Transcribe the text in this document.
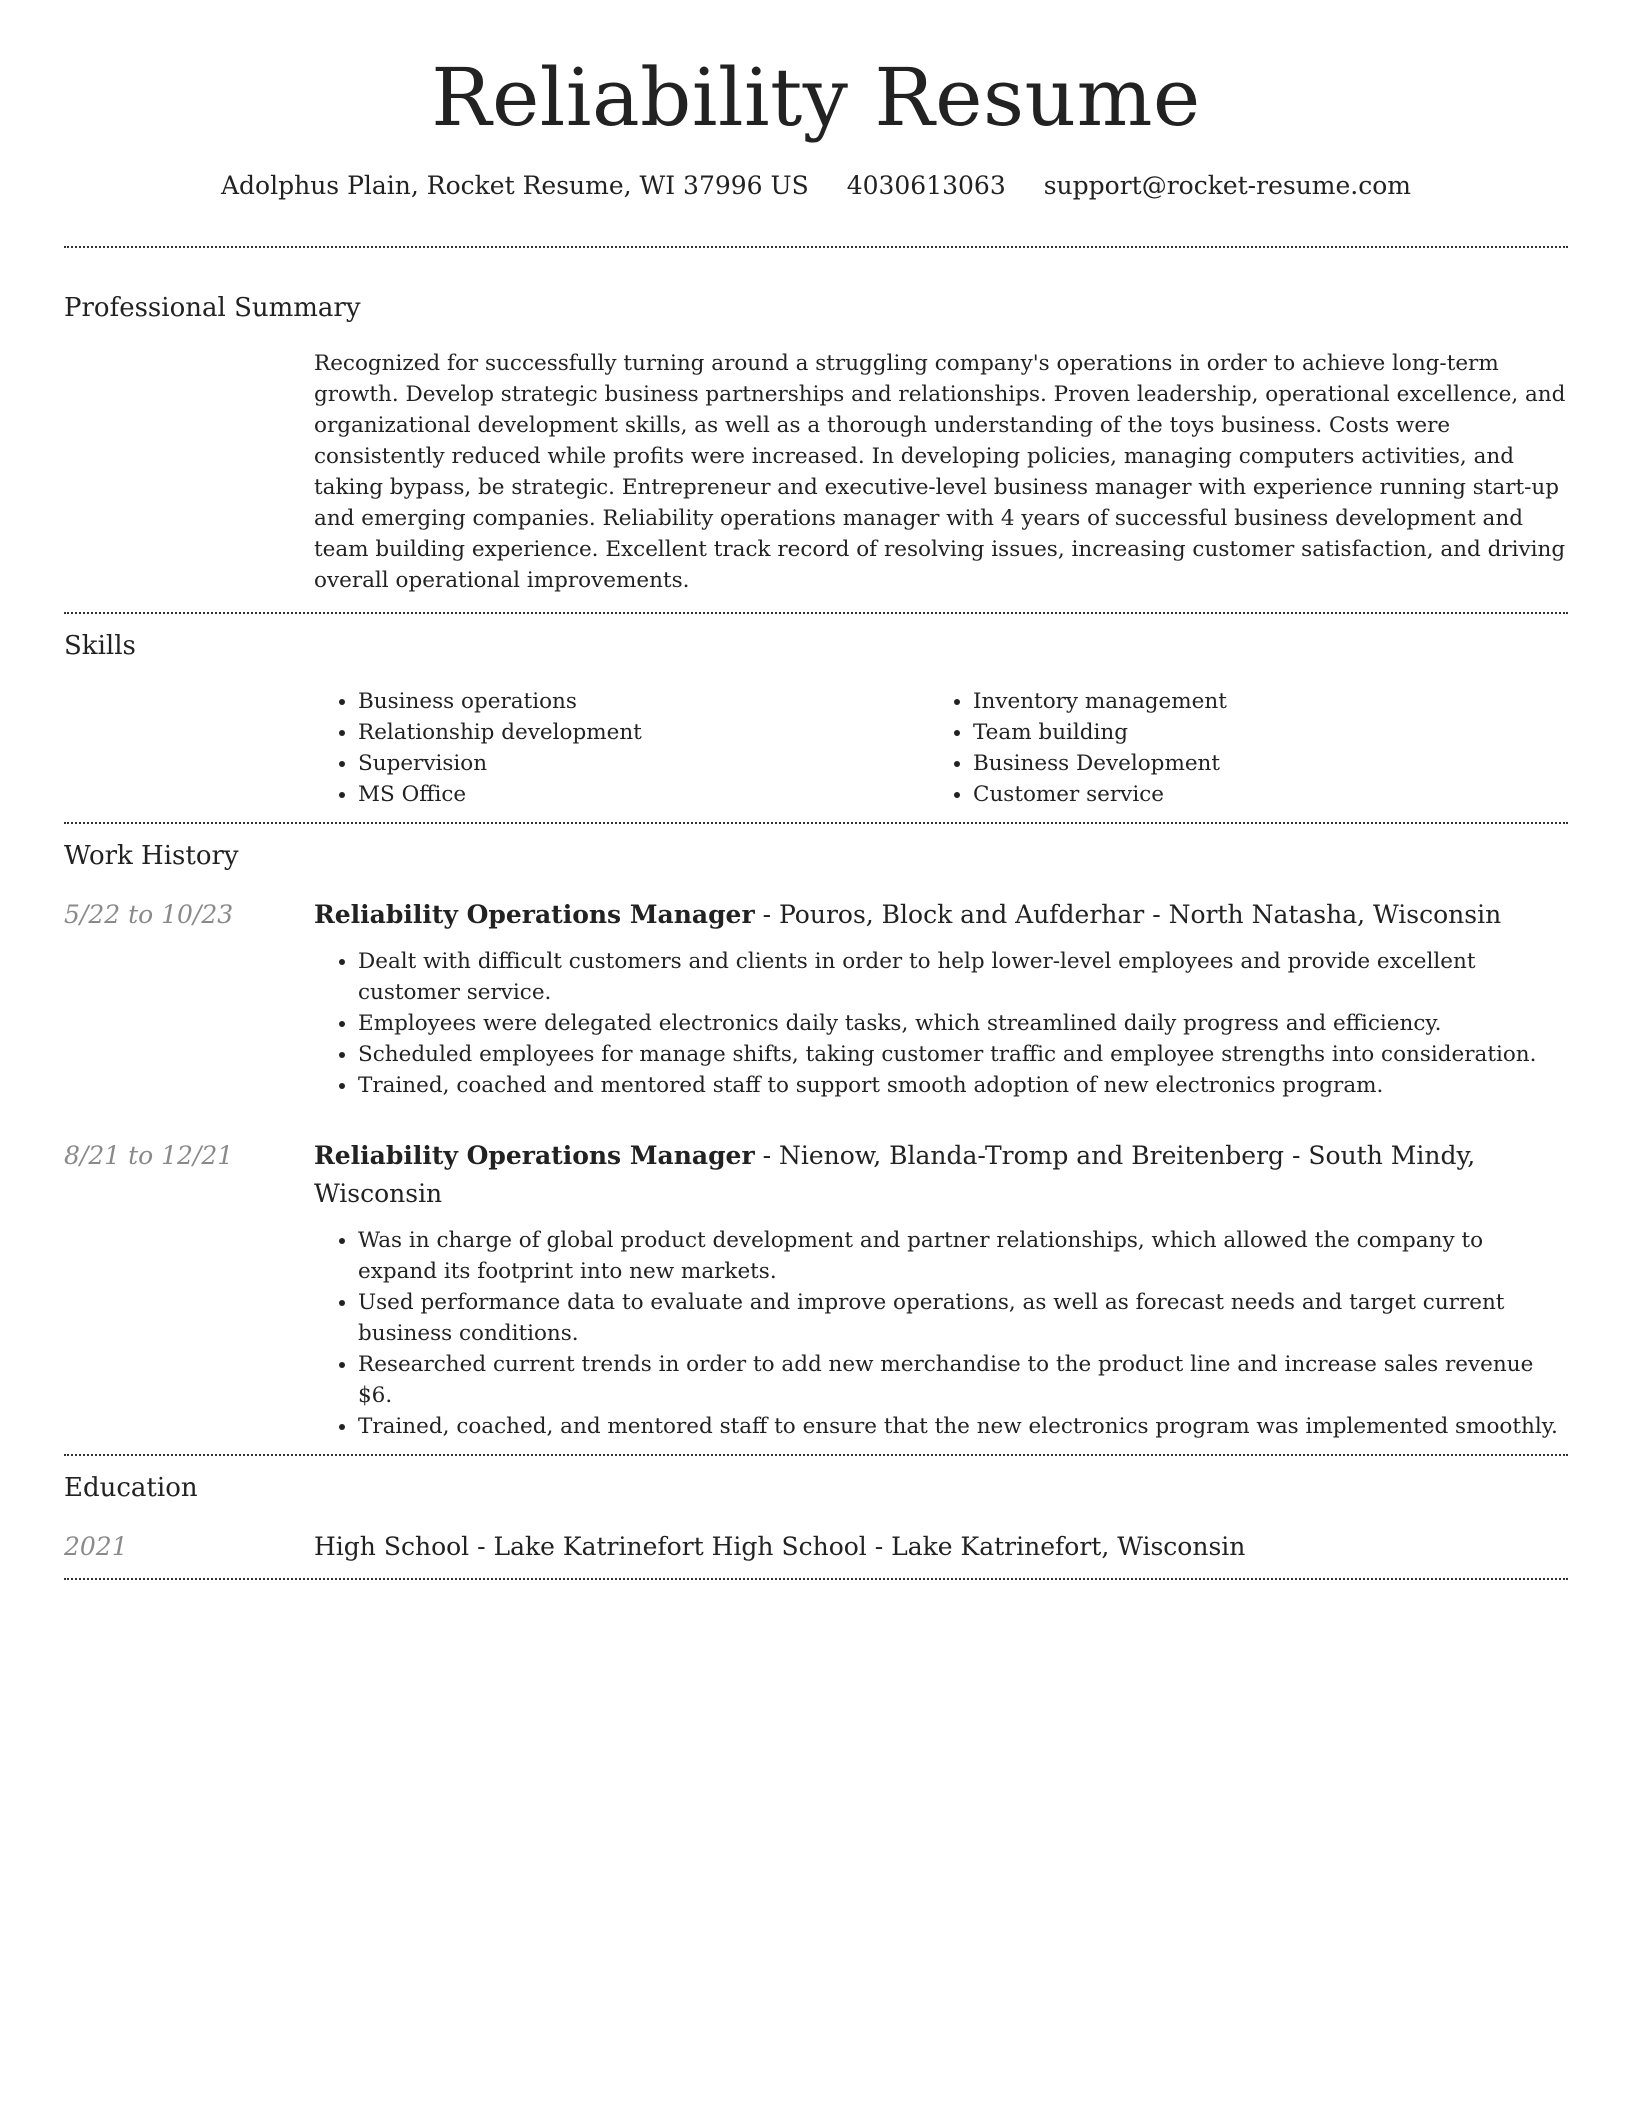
Reliability Resume
Adolphus Plain, Rocket Resume, WI 37996 US 4030613063 support@rocket-resume.com
Professional Summary

Recognized for successfully turning around a struggling company's operations in order to achieve long-term growth. Develop strategic business partnerships and relationships. Proven leadership, operational excellence, and organizational development skills, as well as a thorough understanding of the toys business. Costs were consistently reduced while profits were increased. In developing policies, managing computers activities, and taking bypass, be strategic. Entrepreneur and executive-level business manager with experience running start-up and emerging companies. Reliability operations manager with 4 years of successful business development and team building experience. Excellent track record of resolving issues, increasing customer satisfaction, and driving overall operational improvements.

Skills
• Business operations
• Relationship development
• Supervision
• MS Office
• Inventory management
• Team building
• Business Development
• Customer service
Work History
5/22 to 10/23	Reliability Operations Manager - Pouros, Block and Aufderhar - North Natasha, Wisconsin
• Dealt with difficult customers and clients in order to help lower-level employees and provide excellent customer service.
• Employees were delegated electronics daily tasks, which streamlined daily progress and efficiency.
• Scheduled employees for manage shifts, taking customer traffic and employee strengths into consideration.
• Trained, coached and mentored staff to support smooth adoption of new electronics program.
8/21 to 12/21	Reliability Operations Manager - Nienow, Blanda-Tromp and Breitenberg - South Mindy, Wisconsin
• Was in charge of global product development and partner relationships, which allowed the company to expand its footprint into new markets.
• Used performance data to evaluate and improve operations, as well as forecast needs and target current business conditions.
• Researched current trends in order to add new merchandise to the product line and increase sales revenue $6.
• Trained, coached, and mentored staff to ensure that the new electronics program was implemented smoothly.
Education
2021	High School - Lake Katrinefort High School - Lake Katrinefort, Wisconsin
